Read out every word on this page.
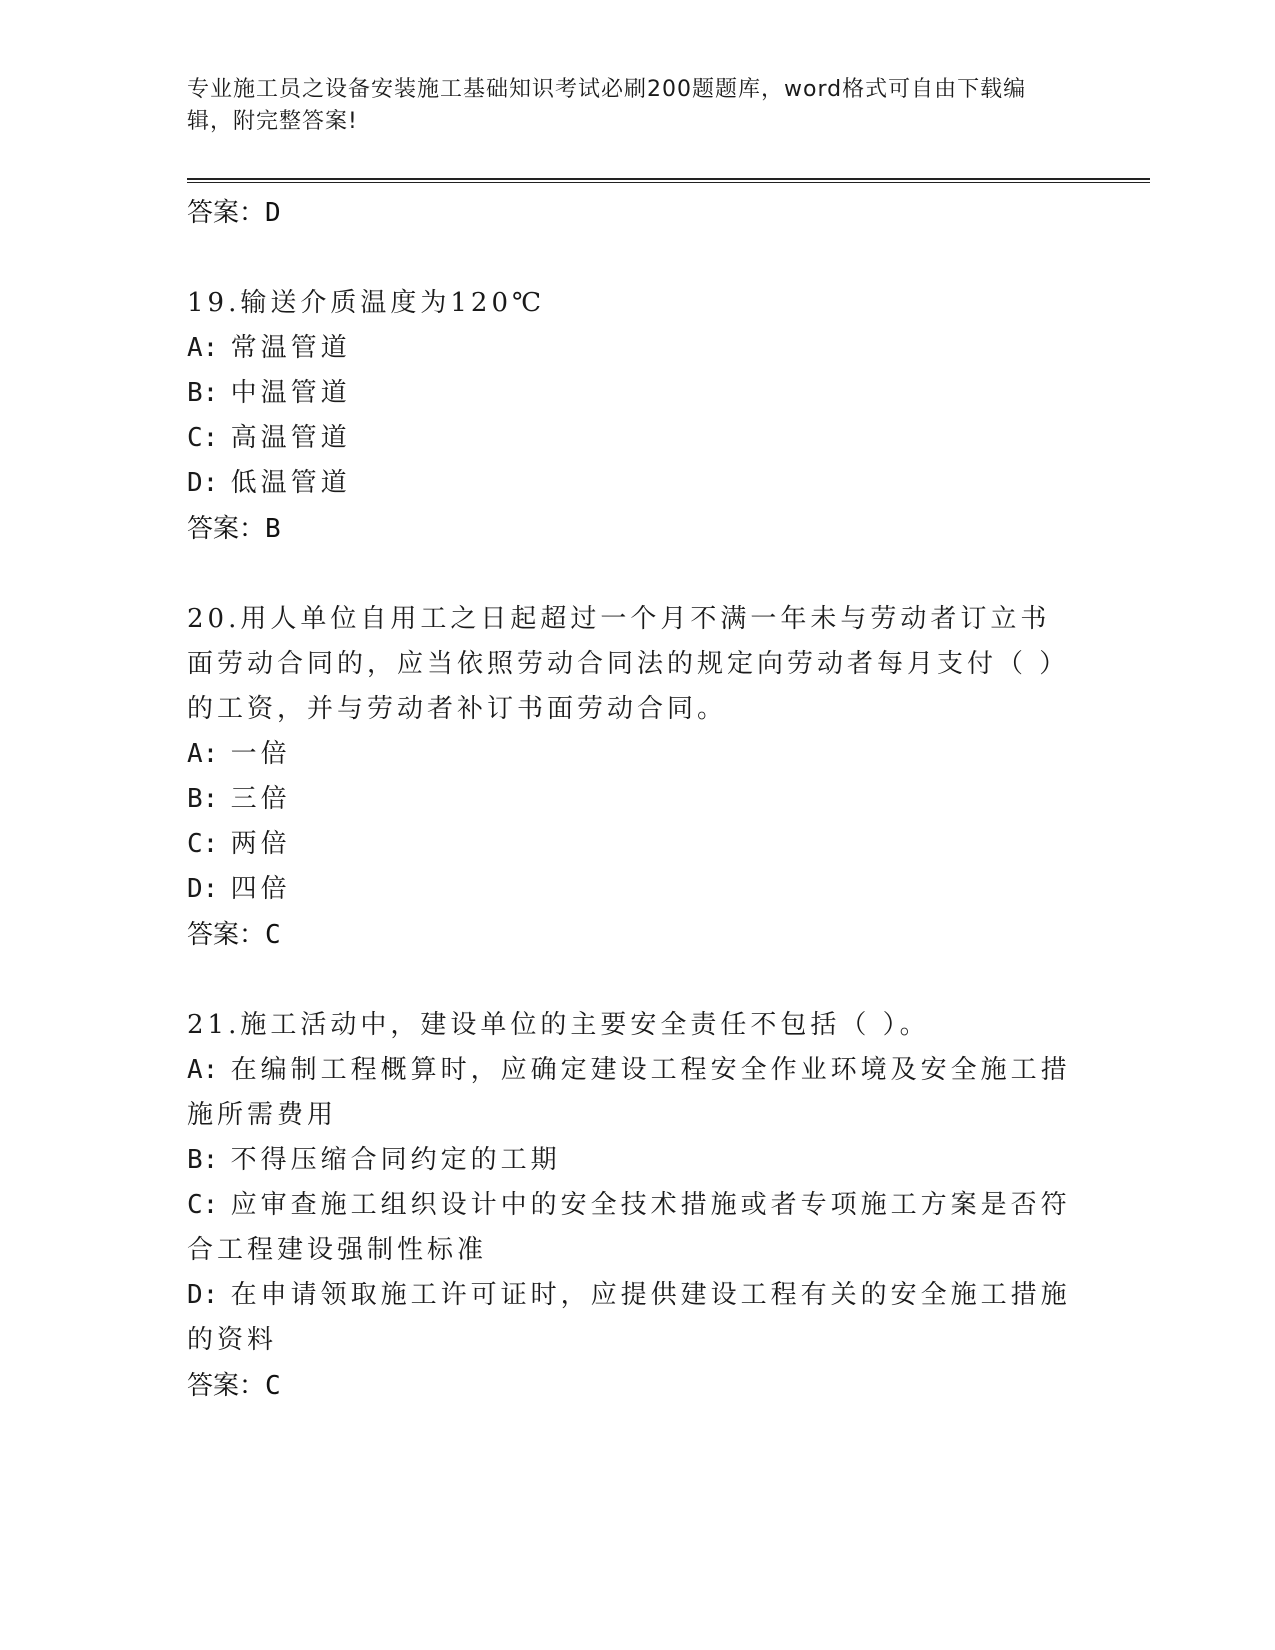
专业施工员之设备安装施工基础知识考试必刷200题题库，word格式可自由下载编辑，附完整答案!

答案：D

19.输送介质温度为120℃

A: 常温管道

B: 中温管道

C: 高温管道

D: 低温管道

答案：B

20.用人单位自用工之日起超过一个月不满一年未与劳动者订立书面劳动合同的，应当依照劳动合同法的规定向劳动者每月支付（ ）的工资，并与劳动者补订书面劳动合同。

A: 一倍

B: 三倍

C: 两倍

D: 四倍

答案：C

21.施工活动中，建设单位的主要安全责任不包括（ ）。

A: 在编制工程概算时，应确定建设工程安全作业环境及安全施工措施所需费用

B: 不得压缩合同约定的工期

C: 应审查施工组织设计中的安全技术措施或者专项施工方案是否符合工程建设强制性标准

D: 在申请领取施工许可证时，应提供建设工程有关的安全施工措施的资料

答案：C
